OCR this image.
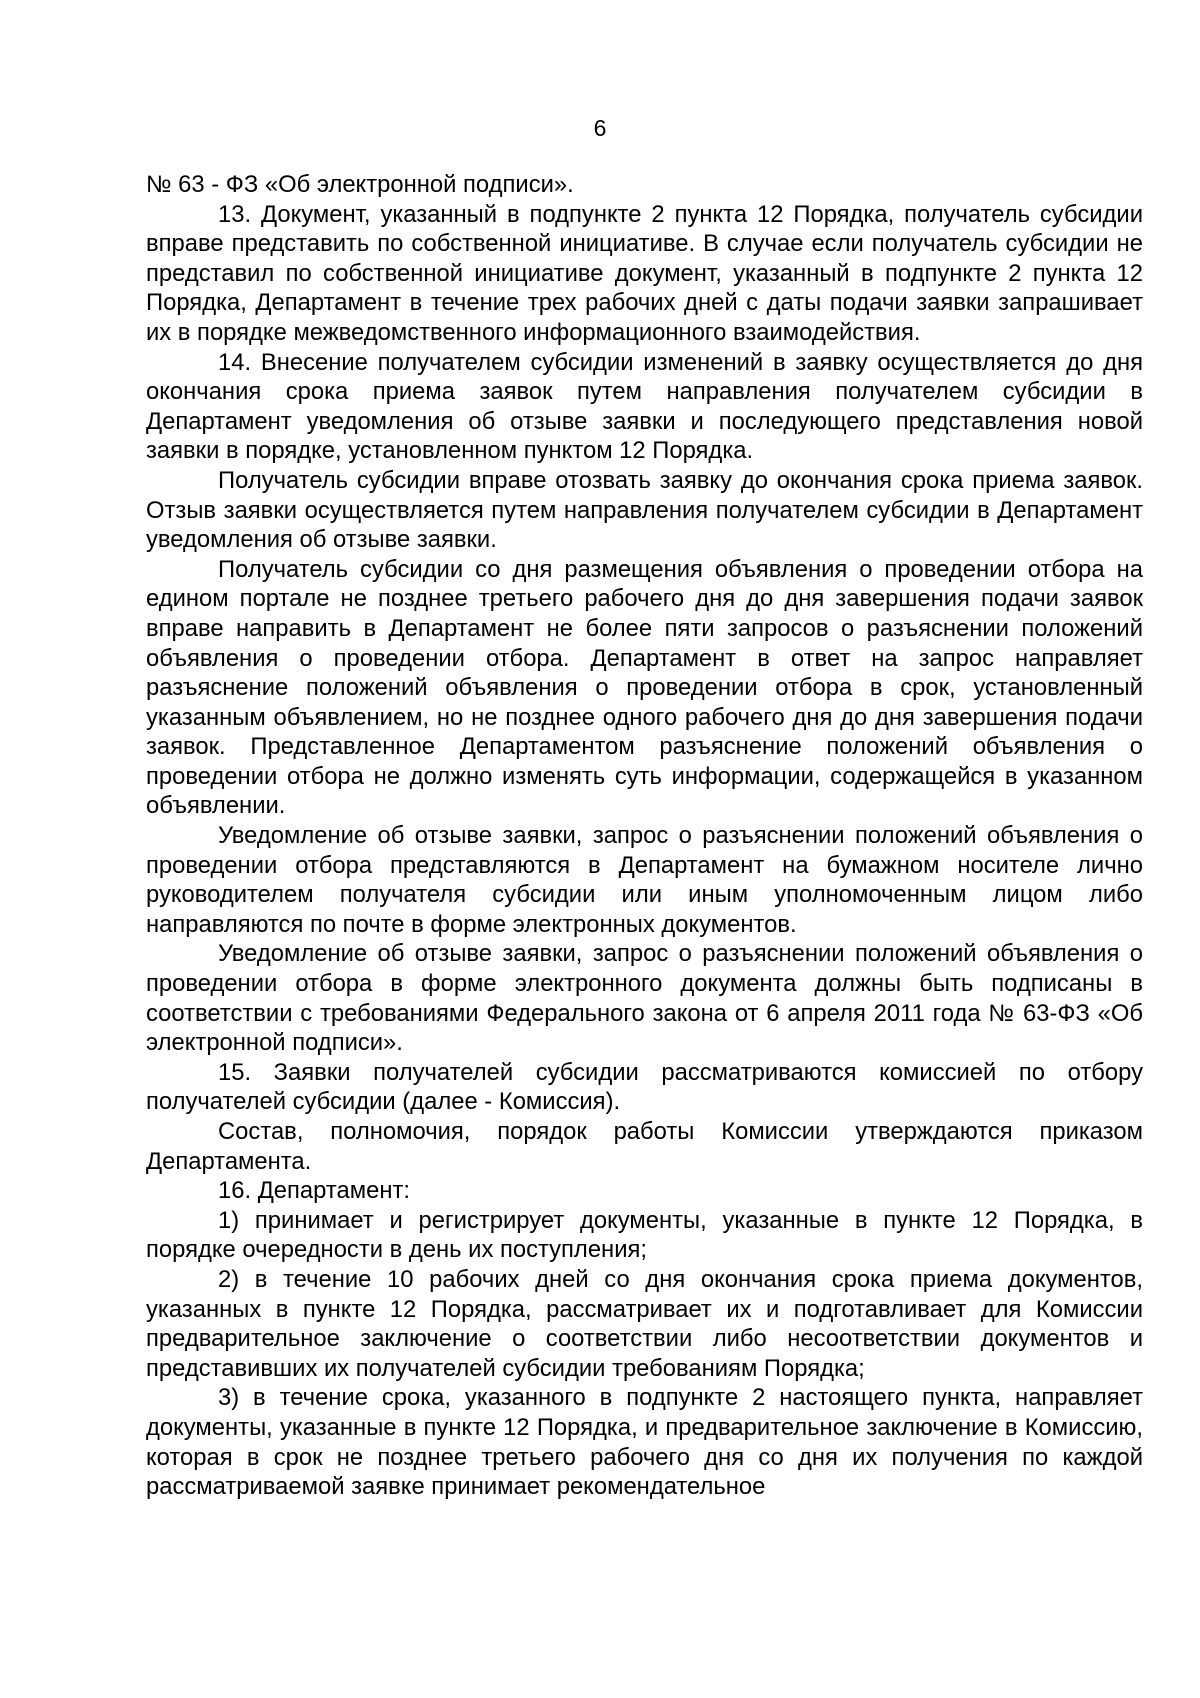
6

№ 63 - ФЗ «Об электронной подписи».

13. Документ, указанный в подпункте 2 пункта 12 Порядка, получатель субсидии вправе представить по собственной инициативе. В случае если получатель субсидии не представил по собственной инициативе документ, указанный в подпункте 2 пункта 12 Порядка, Департамент в течение трех рабочих дней с даты подачи заявки запрашивает их в порядке межведомственного информационного взаимодействия.

14. Внесение получателем субсидии изменений в заявку осуществляется до дня окончания срока приема заявок путем направления получателем субсидии в Департамент уведомления об отзыве заявки и последующего представления новой заявки в порядке, установленном пунктом 12 Порядка.

Получатель субсидии вправе отозвать заявку до окончания срока приема заявок. Отзыв заявки осуществляется путем направления получателем субсидии в Департамент уведомления об отзыве заявки.

Получатель субсидии со дня размещения объявления о проведении отбора на едином портале не позднее третьего рабочего дня до дня завершения подачи заявок вправе направить в Департамент не более пяти запросов о разъяснении положений объявления о проведении отбора. Департамент в ответ на запрос направляет разъяснение положений объявления о проведении отбора в срок, установленный указанным объявлением, но не позднее одного рабочего дня до дня завершения подачи заявок. Представленное Департаментом разъяснение положений объявления о проведении отбора не должно изменять суть информации, содержащейся в указанном объявлении.

Уведомление об отзыве заявки, запрос о разъяснении положений объявления о проведении отбора представляются в Департамент на бумажном носителе лично руководителем получателя субсидии или иным уполномоченным лицом либо направляются по почте в форме электронных документов.

Уведомление об отзыве заявки, запрос о разъяснении положений объявления о проведении отбора в форме электронного документа должны быть подписаны в соответствии с требованиями Федерального закона от 6 апреля 2011 года № 63-ФЗ «Об электронной подписи».

15. Заявки получателей субсидии рассматриваются комиссией по отбору получателей субсидии (далее - Комиссия).

Состав, полномочия, порядок работы Комиссии утверждаются приказом Департамента.

16. Департамент:

1) принимает и регистрирует документы, указанные в пункте 12 Порядка, в порядке очередности в день их поступления;

2) в течение 10 рабочих дней со дня окончания срока приема документов, указанных в пункте 12 Порядка, рассматривает их и подготавливает для Комиссии предварительное заключение о соответствии либо несоответствии документов и представивших их получателей субсидии требованиям Порядка;

3) в течение срока, указанного в подпункте 2 настоящего пункта, направляет документы, указанные в пункте 12 Порядка, и предварительное заключение в Комиссию, которая в срок не позднее третьего рабочего дня со дня их получения по каждой рассматриваемой заявке принимает рекомендательное
